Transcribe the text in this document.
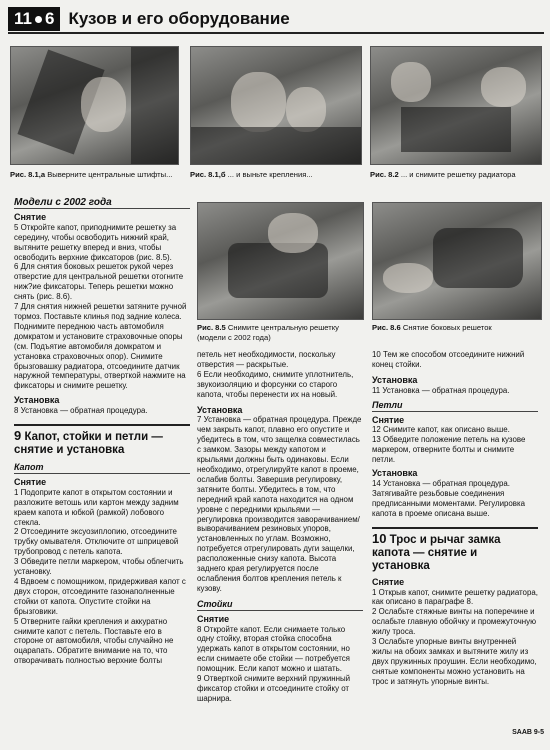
11 6 Кузов и его оборудование
Рис. 8.1,a Выверните центральные штифты...	Рис. 8.1,б ... и выньте крепления...	Рис. 8.2 ... и снимите решетку радиатора
Рис. 8.5 Снимите центральную решетку (модели с 2002 года)
Рис. 8.6 Снятие боковых решеток
Модели с 2002 года
Снятие

5 Откройте капот, приподнимите решетку за середину, чтобы освободить нижний край, вытяните решетку вперед и вниз, чтобы освободить верхние фиксаторов (рис. 8.5).

6 Для снятия боковых решеток рукой через отверстие для центральной решетки отогните ниж?ие фиксаторы. Теперь решетки можно снять (рис. 8.6).

7 Для снятия нижней решетки затяните ручной тормоз. Поставьте клинья под задние колеса. Поднимите переднюю часть автомобиля домкратом и установите страховочные опоры (см. Подъятие автомобиля домкратом и установка страховочных опор). Снимите брызговашку радиатора, отсоедините датчик наружной температуры, отверткой нажмите на фиксаторы и снимите решетку.

Установка

8 Установка — обратная процедура.

9 Капот, стойки и петли — снятие и установка
Капот
Снятие

1 Подоприте капот в открытом состоянии и разложите ветошь или картон между задним краем капота и юбкой (рамкой) лобового стекла.

2 Отсоедините эксуозиплопию, отсоедините трубку омывателя. Отключите от шприцевой трубопровод с петель капота.

3 Обведите петли маркером, чтобы облегчить установку.

4 Вдвоем с помощником, придерживая капот с двух сторон, отсоедините газонаполненные стойки от капота. Опустите стойки на брызговики.

5 Отверните гайки крепления и аккуратно снимите капот с петель. Поставьте его в стороне от автомобиля, чтобы случайно не оцарапать. Обратите внимание на то, что отворачивать полностью верхние болты

петель нет необходимости, поскольку отверстия — раскрытые.

6 Если необходимо, снимите уплотнитель, звукоизоляцию и форсунки со старого капота, чтобы перенести их на новый.

Установка

7 Установка — обратная процедура. Прежде чем закрыть капот, плавно его опустите и убедитесь в том, что защелка совместилась с замком. Зазоры между капотом и крыльями должны быть одинаковы. Если необходимо, отрегулируйте капот в проеме, ослабив болты. Завершив регулировку, затяните болты. Убедитесь в том, что передний край капота находится на одном уровне с передними крыльями — регулировка производится заворачиванием/выворачиванием резиновых упоров, установленных по углам. Возможно, потребуется отрегулировать дуги защелки, расположенные снизу капота. Высота заднего края регулируется после ослабления болтов крепления петель к кузову.

Стойки
Снятие

8 Откройте капот. Если снимаете только одну стойку, вторая стойка способна удержать капот в открытом состоянии, но если снимаете обе стойки — потребуется помощник. Если капот можно и шатать.

9 Отверткой снимите верхний пружинный фиксатор стойки и отсоедините стойку от шарнира.

10 Тем же способом отсоедините нижний конец стойки.

Установка

11 Установка — обратная процедура.

Петли
Снятие

12 Снимите капот, как описано выше.

13 Обведите положение петель на кузове маркером, отверните болты и снимите петли.

Установка

14 Установка — обратная процедура. Затягивайте резьбовые соединения предписанными моментами. Регулировка капота в проеме описана выше.

10 Трос и рычаг замка капота — снятие и установка
Снятие

1 Открыв капот, снимите решетку радиатора, как описано в параграфе 8.

2 Ослабьте стяжные винты на поперечине и ослабьте главную обойчку и промежуточную жилу троса.

3 Ослабьте упорные винты внутренней жилы на обоих замках и вытяните жилу из двух пружинных проушин. Если необходимо, снятые компоненты можно установить на трос и затянуть упорные винты.

SAAB 9-5
